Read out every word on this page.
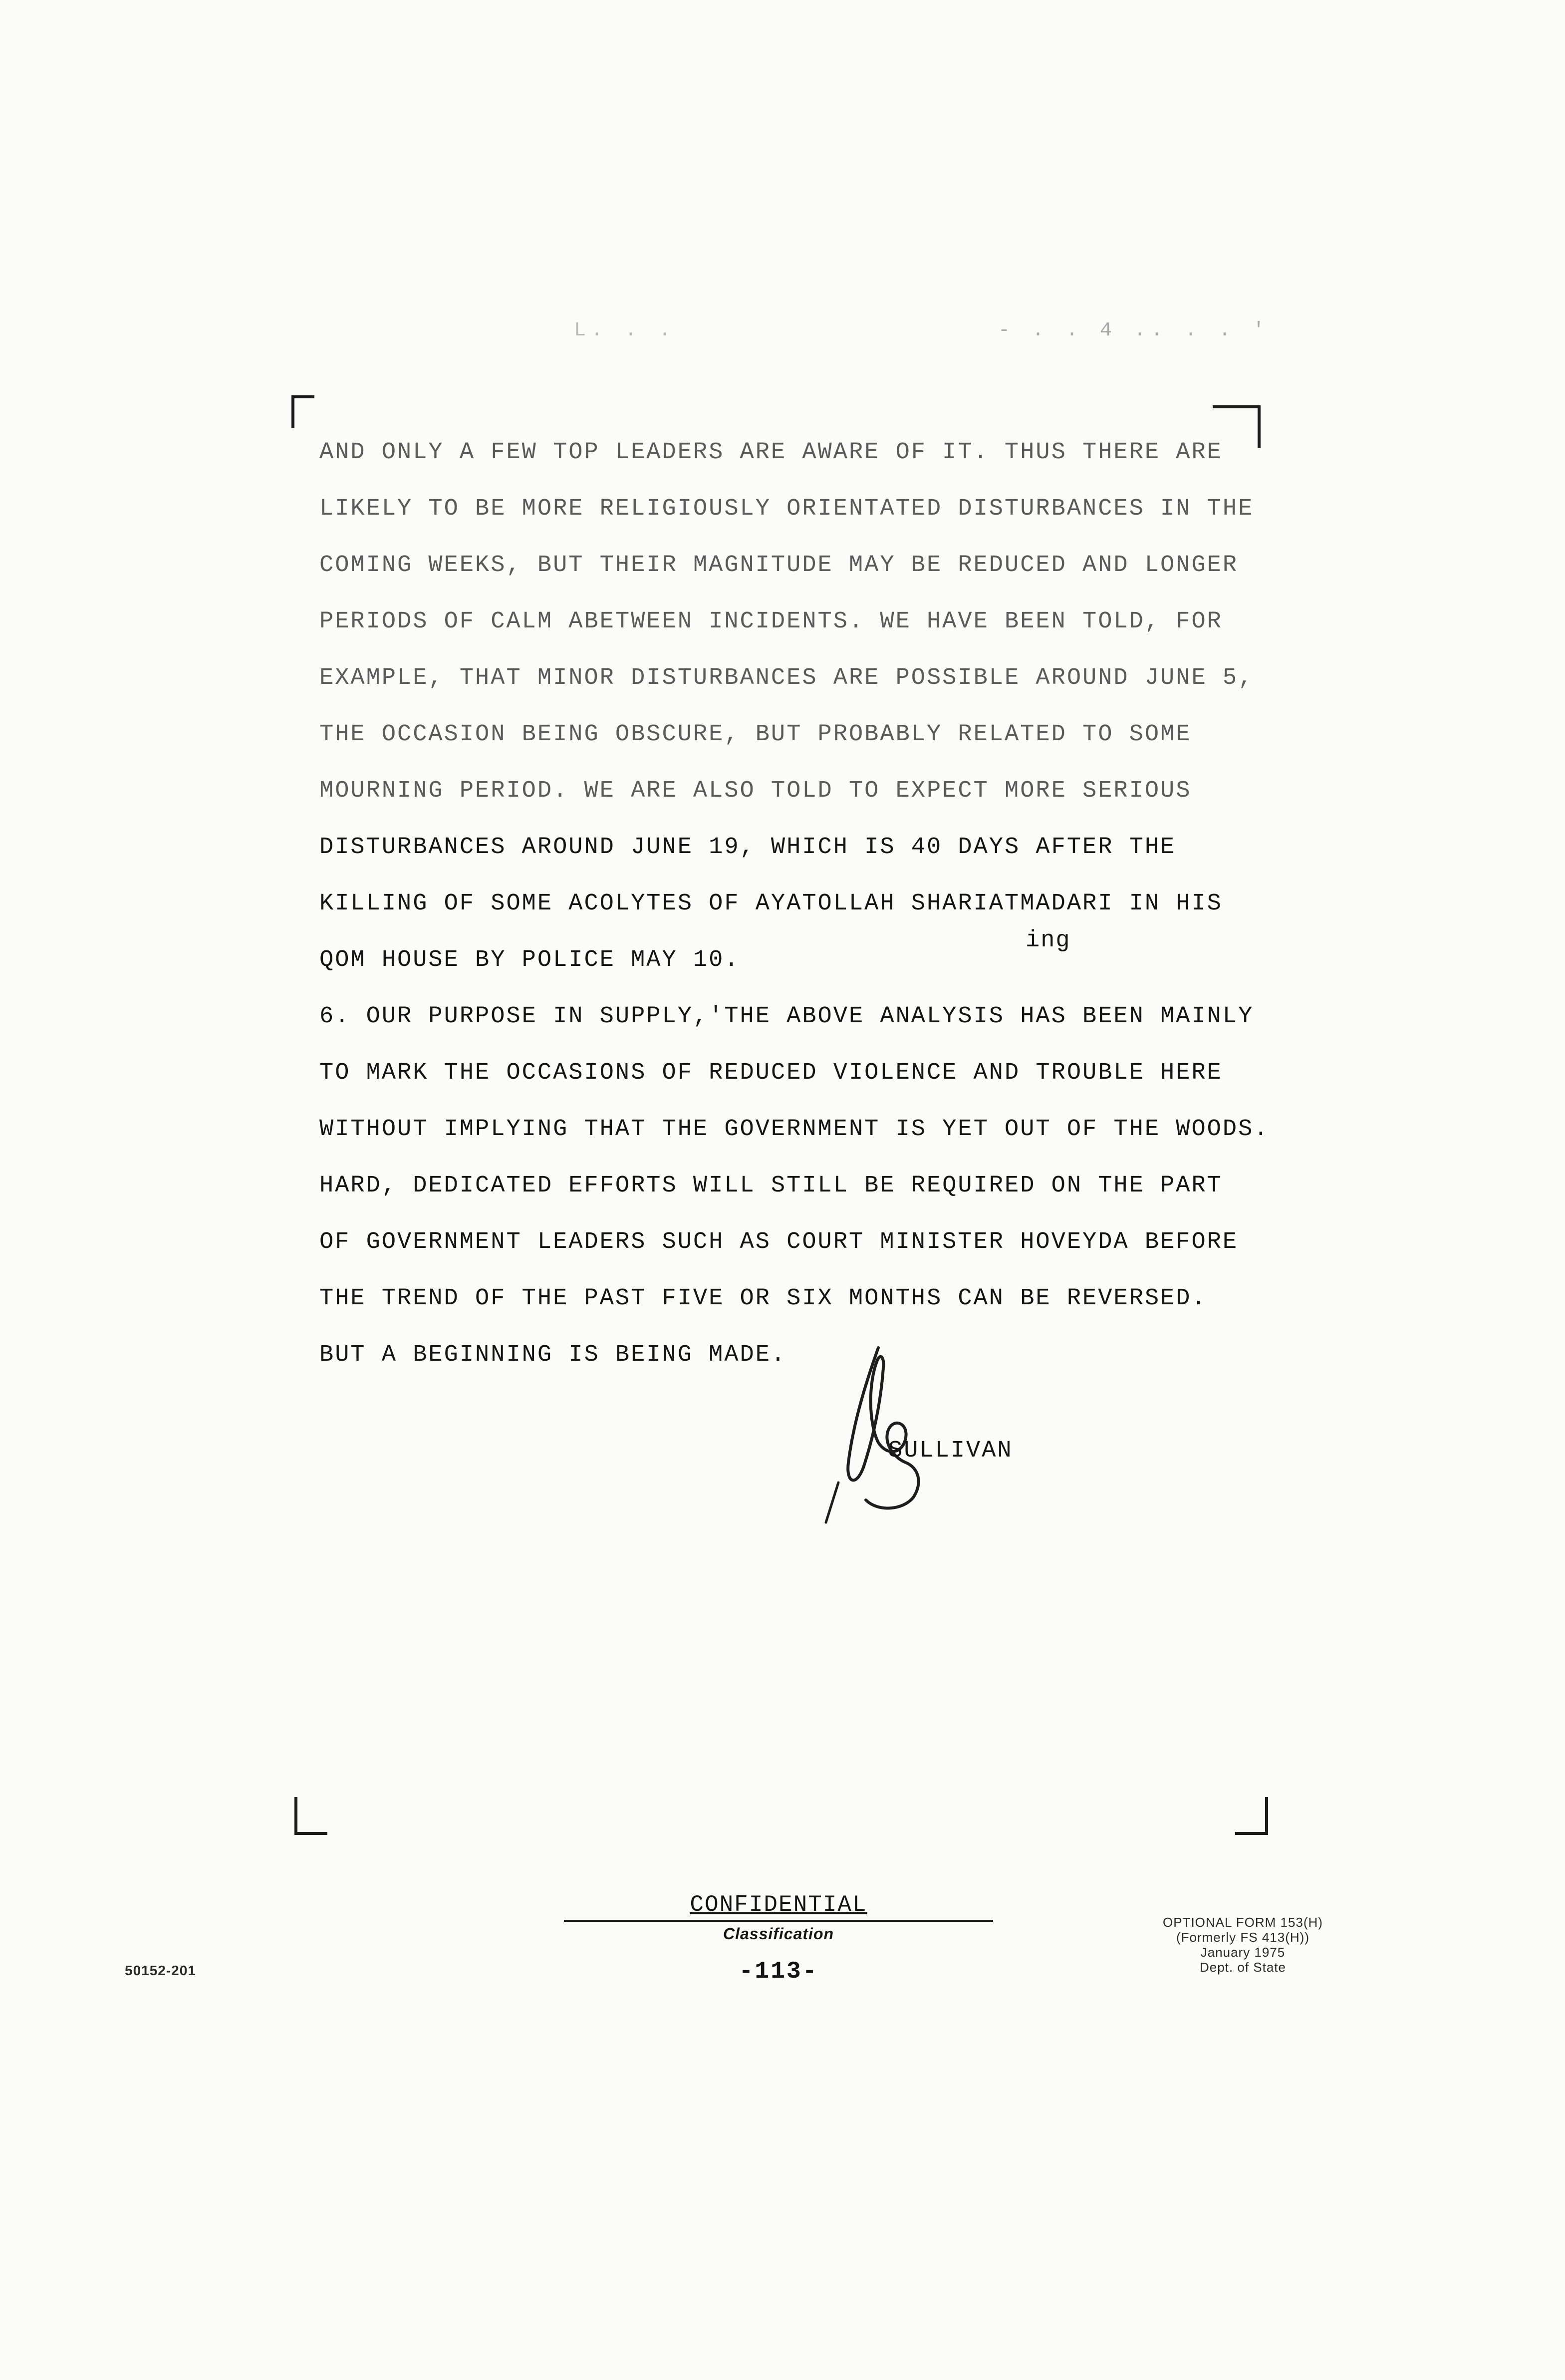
L. . .	- . . 4 .. . . '
AND ONLY A FEW TOP LEADERS ARE AWARE OF IT. THUS THERE ARE
LIKELY TO BE MORE RELIGIOUSLY ORIENTATED DISTURBANCES IN THE
COMING WEEKS, BUT THEIR MAGNITUDE MAY BE REDUCED AND LONGER
PERIODS OF CALM ABETWEEN INCIDENTS. WE HAVE BEEN TOLD, FOR
EXAMPLE, THAT MINOR DISTURBANCES ARE POSSIBLE AROUND JUNE 5,
THE OCCASION BEING OBSCURE, BUT PROBABLY RELATED TO SOME
MOURNING PERIOD. WE ARE ALSO TOLD TO EXPECT MORE SERIOUS
DISTURBANCES AROUND JUNE 19, WHICH IS 40 DAYS AFTER THE
KILLING OF SOME ACOLYTES OF AYATOLLAH SHARIATMADARI IN HIS
QOM HOUSE BY POLICE MAY 10.
6. OUR PURPOSE IN SUPPLY,'THE ABOVE ANALYSIS HAS BEEN MAINLY
TO MARK THE OCCASIONS OF REDUCED VIOLENCE AND TROUBLE HERE
WITHOUT IMPLYING THAT THE GOVERNMENT IS YET OUT OF THE WOODS.
HARD, DEDICATED EFFORTS WILL STILL BE REQUIRED ON THE PART
OF GOVERNMENT LEADERS SUCH AS COURT MINISTER HOVEYDA BEFORE
THE TREND OF THE PAST FIVE OR SIX MONTHS CAN BE REVERSED.
BUT A BEGINNING IS BEING MADE.
ing
SULLIVAN
CONFIDENTIAL
Classification
-113-
OPTIONAL FORM 153(H)
(Formerly FS 413(H))
January 1975
Dept. of State
50152-201
